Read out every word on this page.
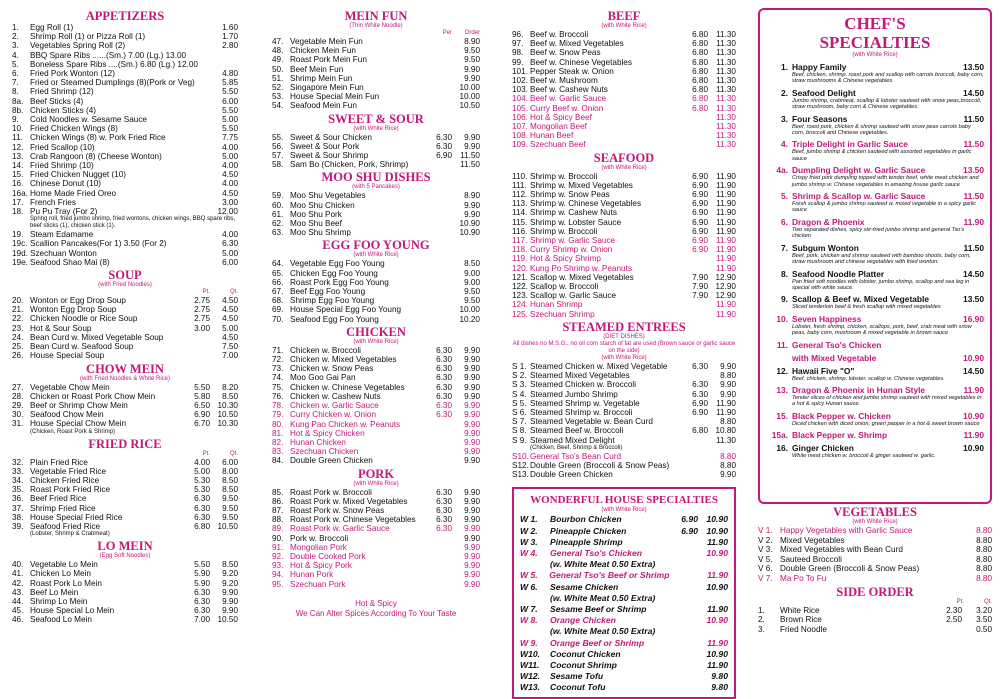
APPETIZERS
1.	Egg Roll (1)	1.60
2.	Shrimp Roll (1) or Pizza Roll (1)	1.70
3.	Vegetables Spring Roll (2)	2.80
4.	BBQ Spare Ribs ......(Sm.) 7.00 (Lg.) 13.00
5.	Boneless Spare Ribs ....(Sm.) 6.80 (Lg.) 12.00
6.	Fried Pork Wonton (12)	4.80
7.	Fried or Steamed Dumplings (8)(Pork or Veg)	5.85
8.	Fried Shrimp (12)	5.50
8a. Beef Sticks (4)	6.00
8b. Chicken Sticks (4)	5.50
9.	Cold Noodles w. Sesame Sauce	5.00
10. Fried Chicken Wings (8)	5.50
11. Chicken Wings (8) w. Pork Fried Rice	7.75
12. Fried Scallop (10)	4.00
13. Crab Rangoon (8) (Cheese Wonton)	5.00
14. Fried Shrimp (10)	4.00
15. Fried Chicken Nugget (10)	4.50
16. Chinese Donut (10)	4.00
16a. Home Made Fried Oreo	4.50
17. French Fries	3.00
18. Pu Pu Tray (For 2)	12.00
Spring roll, fried jumbo shrimp, fried wontons, chicken wings, BBQ spare ribs, beef sticks (1), chicken stick (1).
19. Steam Edamame	4.00
19c. Scallion Pancakes(For 1) 3.50 (For 2)	6.30
19d. Szechuan Wonton	5.00
19e. Seafood Shao Mai (8)	6.00
SOUP
(with Fried Noodles)
Pt.	Qt.
20. Wonton or Egg Drop Soup	2.75	4.50
21. Wonton Egg Drop Soup	2.75	4.50
22. Chicken Noodle or Rice Soup	2.75	4.50
23. Hot & Sour Soup	3.00	5.00
24. Bean Curd w. Mixed Vegetable Soup	4.50
25. Bean Curd w. Seafood Soup	7.50
26. House Special Soup	7.00
CHOW MEIN
(with Fried Noodles & White Rice)
27. Vegetable Chow Mein	5.50	8.20
28. Chicken or Roast Pork Chow Mein	5.80	8.50
29. Beef or Shrimp Chow Mein	6.50 10.30
30. Seafood Chow Mein	6.90 10.50
31. House Special Chow Mein	6.70 10.30
(Chicken, Roast Pork & Shrimp)
FRIED RICE
Pt.	Qt.
32. Plain Fried Rice	4.00	6.00
33. Vegetable Fried Rice	5.00	8.00
34. Chicken Fried Rice	5.30	8.50
35. Roast Pork Fried Rice	5.30	8.50
36. Beef Fried Rice	6.30	9.50
37. Shrimp Fried Rice	6.30	9.50
38. House Special Fried Rice	6.30	9.50
39. Seafood Fried Rice	6.80 10.50
(Lobster, Shrimp & Crabmeat)
LO MEIN
(Egg Soft Noodles)
40. Vegetable Lo Mein	5.50	8.50
41. Chicken Lo Mein	5.90	9.20
42. Roast Pork Lo Mein	5.90	9.20
43. Beef Lo Mein	6.30	9.90
44. Shrimp Lo Mein	6.30	9.90
45. House Special Lo Mein	6.30	9.90
46. Seafood Lo Mein	7.00 10.50
MEIN FUN
(Thin White Noodle)
Per	Order
47. Vegetable Mein Fun	8.90
48. Chicken Mein Fun	9.50
49. Roast Pork Mein Fun	9.50
50. Beef Mein Fun	9.90
51. Shrimp Mein Fun	9.90
52. Singapore Mein Fun	10.00
53. House Special Mein Fun	10.00
54. Seafood Mein Fun	10.50
SWEET & SOUR
(with White Rice)
55. Sweet & Sour Chicken	6.30	9.90
56. Sweet & Sour Pork	6.30	9.90
57. Sweet & Sour Shrimp	6.90 11.50
58. Sam Bo (Chicken, Pork, Shrimp)	11.50
MOO SHU DISHES
(with 5 Pancakes)
59. Moo Shu Vegetables	8.90
60. Moo Shu Chicken	9.90
61. Moo Shu Pork	9.90
62. Moo Shu Beef	10.90
63. Moo Shu Shrimp	10.90
EGG FOO YOUNG
(with White Rice)
64. Vegetable Egg Foo Young	8.50
65. Chicken Egg Foo Young	9.00
66. Roast Pork Egg Foo Young	9.00
67. Beef Egg Foo Young	9.50
68. Shrimp Egg Foo Young	9.50
69. House Special Egg Foo Young	10.00
70. Seafood Egg Foo Young	10.20
CHICKEN
(with White Rice)
71. Chicken w. Broccoli	6.30	9.90
72. Chicken w. Mixed Vegetables	6.30	9.90
73. Chicken w. Snow Peas	6.30	9.90
74. Moo Goo Gai Pan	6.30	9.90
75. Chicken w. Chinese Vegetables	6.30	9.90
76. Chicken w. Cashew Nuts	6.30	9.90
78. Chicken w. Garlic Sauce	6.30	9.90
79. Curry Chicken w. Onion	6.30	9.90
80. Kung Pao Chicken w. Peanuts	9.90
81. Hot & Spicy Chicken	9.90
82. Hunan Chicken	9.90
83. Szechuan Chicken	9.90
84. Double Green Chicken	9.90
PORK
(with White Rice)
85. Roast Pork w. Broccoli	6.30	9.90
86. Roast Pork w. Mixed Vegetables	6.30	9.90
87. Roast Pork w. Snow Peas	6.30	9.90
88. Roast Pork w. Chinese Vegetables	6.30	9.90
89. Roast Pork w. Garlic Sauce	6.30	9.90
90. Pork w. Broccoli	9.90
91. Mongolian Pork	9.90
92. Double Cooked Pork	9.90
93. Hot & Spicy Pork	9.90
94. Hunan Pork	9.90
95. Szechuan Pork	9.90
Hot & Spicy
We Can Alter Spices According To Your Taste
BEEF
(with White Rice)
96. Beef w. Broccoli	6.80 11.30
97. Beef w. Mixed Vegetables	6.80 11.30
98. Beef w. Snow Peas	6.80 11.30
99. Beef w. Chinese Vegetables	6.80 11.30
101. Pepper Steak w. Onion	6.80 11.30
102. Beef w. Mushroom	6.80 11.30
103. Beef w. Cashew Nuts	6.80 11.30
104. Beef w. Garlic Sauce	6.80 11.30
105. Curry Beef w. Onion	6.80 11.30
106. Hot & Spicy Beef	11.30
107. Mongolian Beef	11.30
108. Hunan Beef	11.30
109. Szechuan Beef	11.30
SEAFOOD
(with White Rice)
110. Shrimp w. Broccoli	6.90 11.90
111. Shrimp w. Mixed Vegetables	6.90 11.90
112. Shrimp w. Snow Peas	6.90 11.90
113. Shrimp w. Chinese Vegetables	6.90 11.90
114. Shrimp w. Cashew Nuts	6.90 11.90
115. Shrimp w. Lobster Sauce	6.90 11.90
116. Shrimp w. Broccoli	6.90 11.90
117. Shrimp w. Garlic Sauce	6.90 11.90
118. Curry Shrimp w. Onion	6.90 11.90
119. Hot & Spicy Shrimp	11.90
120. Kung Po Shrimp w. Peanuts	11.90
121. Scallop w. Mixed Vegetables	7.90 12.90
122. Scallop w. Broccoli	7.90 12.90
123. Scallop w. Garlic Sauce	7.90 12.90
124. Hunan Shrimp	11.90
125. Szechuan Shrimp	11.90
STEAMED ENTREES
(DIET DISHES)
All dishes no M.S.G., no oil corn starch of fat are used (Brown sauce or garlic sauce on the side)
(with White Rice)
S 1. Steamed Chicken w. Mixed Vegetable	6.30	9.90
S 2. Steamed Mixed Vegetables	8.80
S 3. Steamed Chicken w. Broccoli	6.30	9.90
S 4. Steamed Jumbo Shrimp	6.30	9.90
S 5. Steamed Shrimp w. Vegetable	6.90 11.90
S 6. Steamed Shrimp w. Broccoli	6.90 11.90
S 7. Steamed Vegetable w. Bean Curd	8.80
S 8. Steamed Beef w. Broccoli	6.80 10.80
S 9. Steamed Mixed Delight	11.30
(Chicken, Beef, Shrimp & Broccoli)
S10. General Tso's Bean Curd	8.80
S12. Double Green (Broccoli & Snow Peas)	8.80
S13. Double Green Chicken	9.90
WONDERFUL HOUSE SPECIALTIES
(with White Rice)
W 1.	Bourbon Chicken	6.90 10.90
W 2.	Pineapple Chicken	6.90 10.90
W 3.	Pineapple Shrimp	11.90
W 4.	General Tso's Chicken	10.90
(w. White Meat 0.50 Extra)
W 5.	General Tso's Beef or Shrimp	11.90
W 6.	Sesame Chicken	10.90
(w. White Meat 0.50 Extra)
W 7.	Sesame Beef or Shrimp	11.90
W 8.	Orange Chicken	10.90
(w. White Meat 0.50 Extra)
W 9.	Orange Beef or Shrimp	11.90
W10.	Coconut Chicken	10.90
W11.	Coconut Shrimp	11.90
W12.	Sesame Tofu	9.80
W13.	Coconut Tofu	9.80
CHEF'S
SPECIALTIES
(with White Rice)
1. Happy Family	13.50
Beef, chicken, shrimp, roast pork and scallop with carrots broccoli, baby corn, straw mushrooms & Chinese vegetables.
2. Seafood Delight	14.50
Jumbo shrimp, crabmeat, scallop & lobster sauteed with snow peas,broccoli, straw mushroom, baby corn & Chinese vegetables.
3. Four Seasons	11.50
Beef, roast pork, chicken & shrimp sauteed with snow peas carrots baby corn, broccoli and Chinese vegetables.
4. Triple Delight in Garlic Sauce	11.50
Beef, jumbo shrimp & chicken sauteed with assorted vegetables in garlic sauce
4a. Dumpling Delight w. Garlic Sauce	13.50
Crispy fried pork dumpling topped with tender beef, white meat chicken and jumbo shrimp w. Chinese vegetables in amazing house garlic sauce
5. Shrimp & Scallop w. Garlic Sauce	11.50
Fresh scallop & jumbo shrimp sauteed w. mixed vegetable in a spicy garlic sauce
6. Dragon & Phoenix	11.90
Two separated dishes, spicy stir-fried jumbo shrimp and general Tso's chicken
7. Subgum Wonton	11.50
Beef, pork, chicken and shrimp sauteed with bamboo shoots, baby corn, straw mushroom and chinese vegetables with fried wonton.
8. Seafood Noodle Platter	14.50
Pan fried soft noodles with lobster, jumbo shrimp, scallop and sea leg in special with white sauce.
9. Scallop & Beef w. Mixed Vegetable	13.50
Sliced tenderloin beef & fresh scallop with mixed vegetables
10. Seven Happiness	16.90
Lobster, fresh shrimp, chicken, scallops, pork, beef, crab meat with snow peas, baby corn, mushroom & mixed vegetable in brown sauce
11. General Tso's Chicken
with Mixed Vegetable	10.90
12. Hawaii Five "O"	14.50
Beef, chicken, shrimp, lobster, scallop w. Chinese vegetables.
13. Dragon & Phoenix in Hunan Style	11.90
Tender slices of chicken and jumbo shrimp sauteed with mixed vegetables in a hot & spicy Hunan sauce.
15. Black Pepper w. Chicken	10.90
Diced chicken with diced onion, green pepper in a hot & sweet brown sauce
15a. Black Pepper w. Shrimp	11.90
16. Ginger Chicken	10.90
White meat chicken w. broccoli & ginger sauteed w. garlic.
VEGETABLES
(with White Rice)
V 1. Happy Vegetables with Garlic Sauce	8.80
V 2. Mixed Vegetables	8.80
V 3. Mixed Vegetables with Bean Curd	8.80
V 5. Sauteed Broccoli	8.80
V 6. Double Green (Broccoli & Snow Peas)	8.80
V 7. Ma Po To Fu	8.80
SIDE ORDER
Pt.	Qt.
1.	White Rice	2.30	3.20
2.	Brown Rice	2.50	3.50
3.	Fried Noodle	0.50
